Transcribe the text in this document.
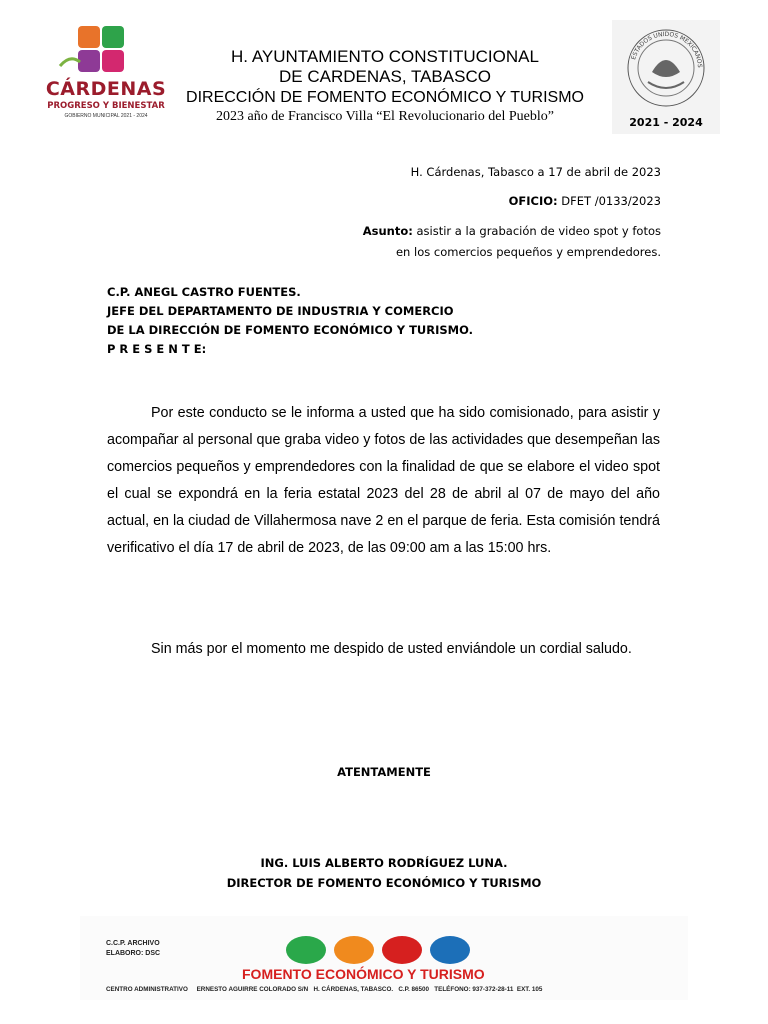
CÁRDENAS
PROGRESO Y BIENESTAR
GOBIERNO MUNICIPAL 2021 - 2024
H. AYUNTAMIENTO CONSTITUCIONAL
DE CARDENAS, TABASCO
DIRECCIÓN DE FOMENTO ECONÓMICO Y TURISMO
2023 año de Francisco Villa “El Revolucionario del Pueblo”
ESTADOS UNIDOS MEXICANOS
2021 - 2024
H. Cárdenas, Tabasco a 17 de abril de 2023
OFICIO: DFET /0133/2023
Asunto: asistir a la grabación de video spot y fotos
en los comercios pequeños y emprendedores.
C.P. ANEGL CASTRO FUENTES.
JEFE DEL DEPARTAMENTO DE INDUSTRIA Y COMERCIO
DE LA DIRECCIÓN DE FOMENTO ECONÓMICO Y TURISMO.
P R E S E N T E:
Por este conducto se le informa a usted que ha sido comisionado, para asistir y acompañar al personal que graba video y fotos de las actividades que desempeñan las comercios pequeños y emprendedores con la finalidad de que se elabore el video spot el cual se expondrá en la feria estatal 2023 del 28 de abril al 07 de mayo del año actual, en la ciudad de Villahermosa nave 2 en el parque de feria. Esta comisión tendrá verificativo el día 17 de abril de 2023, de las 09:00 am a las 15:00 hrs.
Sin más por el momento me despido de usted enviándole un cordial saludo.
ATENTAMENTE
ING. LUIS ALBERTO RODRÍGUEZ LUNA.
DIRECTOR DE FOMENTO ECONÓMICO Y TURISMO
C.C.P. ARCHIVO
ELABORO: DSC
FOMENTO ECONÓMICO Y TURISMO
CENTRO ADMINISTRATIVO     ERNESTO AGUIRRE COLORADO S/N   H. CÁRDENAS, TABASCO.   C.P. 86500   TELÉFONO: 937-372-28-11  EXT. 105
